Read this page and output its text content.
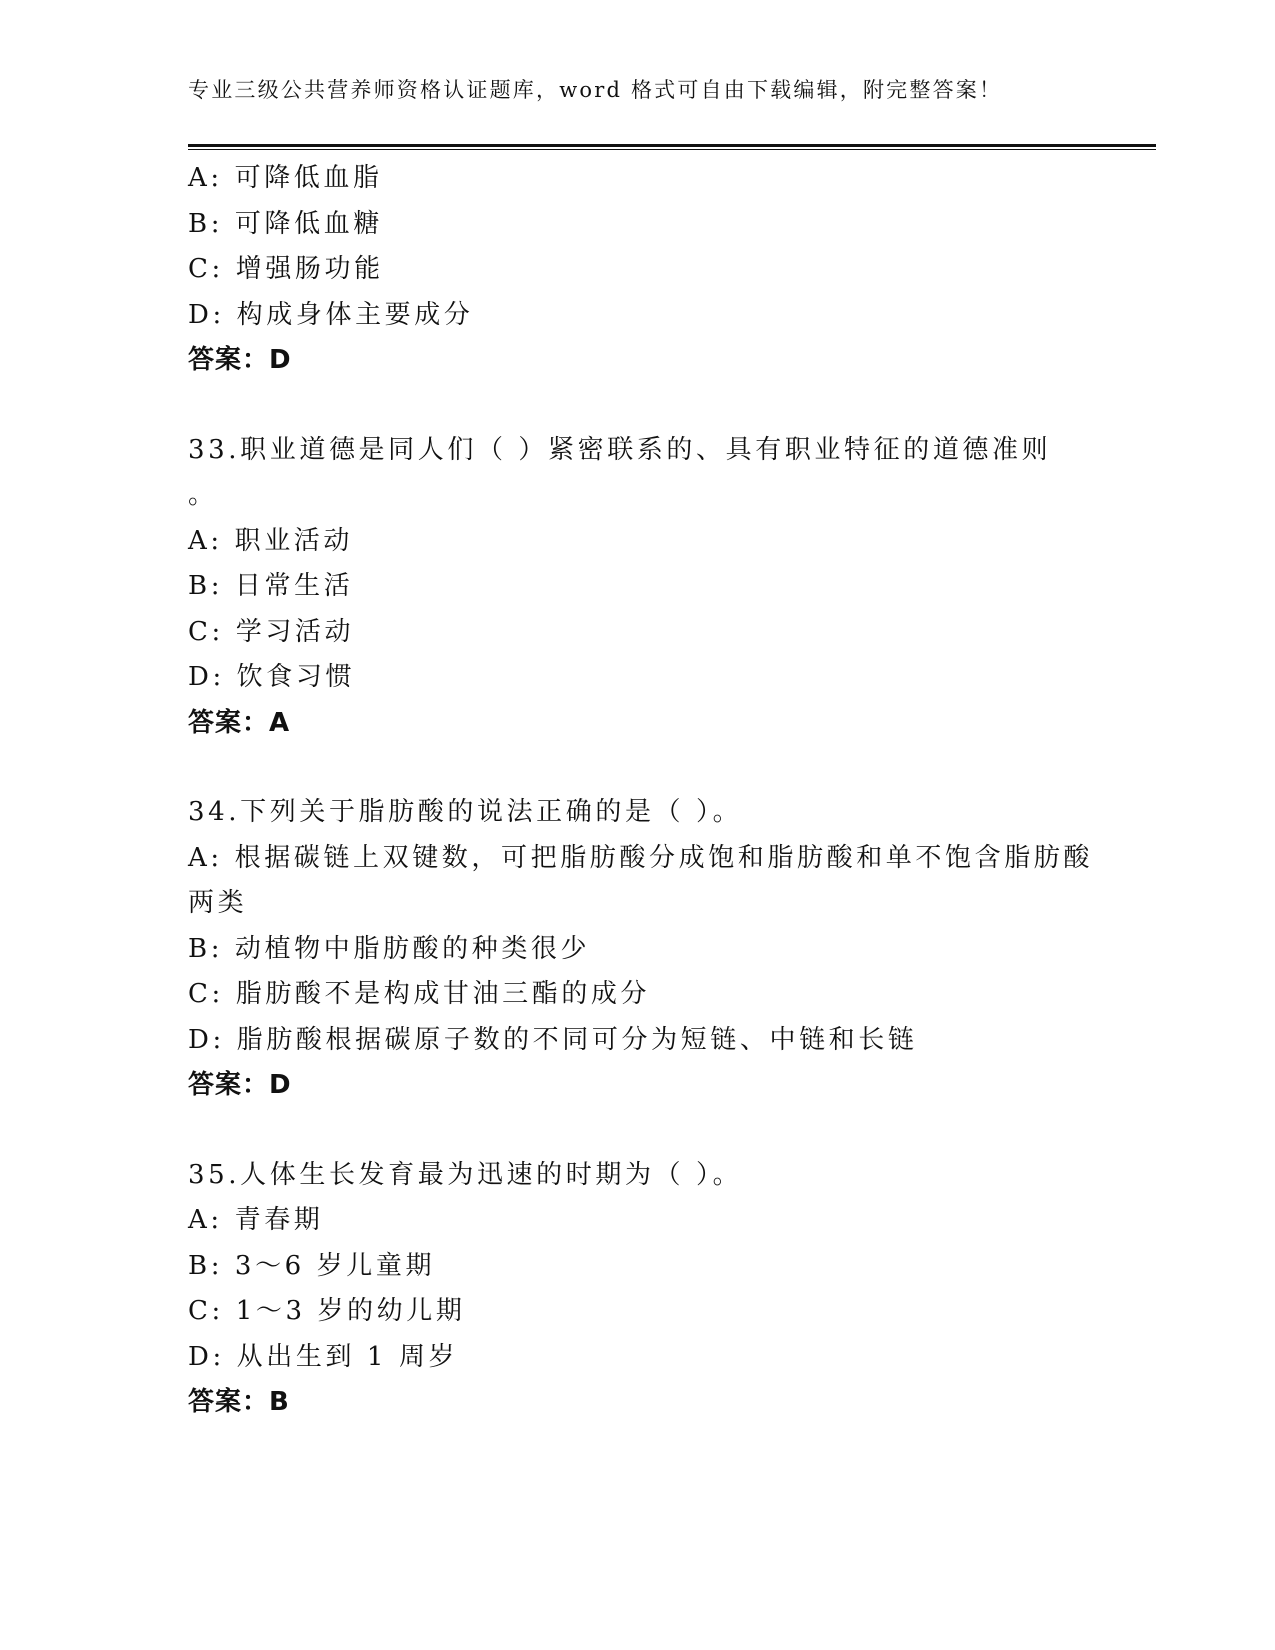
专业三级公共营养师资格认证题库，word 格式可自由下载编辑，附完整答案！
A: 可降低血脂
B: 可降低血糖
C: 增强肠功能
D: 构成身体主要成分
答案：D
33.职业道德是同人们（ ）紧密联系的、具有职业特征的道德准则
。
A: 职业活动
B: 日常生活
C: 学习活动
D: 饮食习惯
答案：A
34.下列关于脂肪酸的说法正确的是（ ）。
A: 根据碳链上双键数，可把脂肪酸分成饱和脂肪酸和单不饱含脂肪酸
两类
B: 动植物中脂肪酸的种类很少
C: 脂肪酸不是构成甘油三酯的成分
D: 脂肪酸根据碳原子数的不同可分为短链、中链和长链
答案：D
35.人体生长发育最为迅速的时期为（ ）。
A: 青春期
B: 3～6 岁儿童期
C: 1～3 岁的幼儿期
D: 从出生到 1 周岁
答案：B
